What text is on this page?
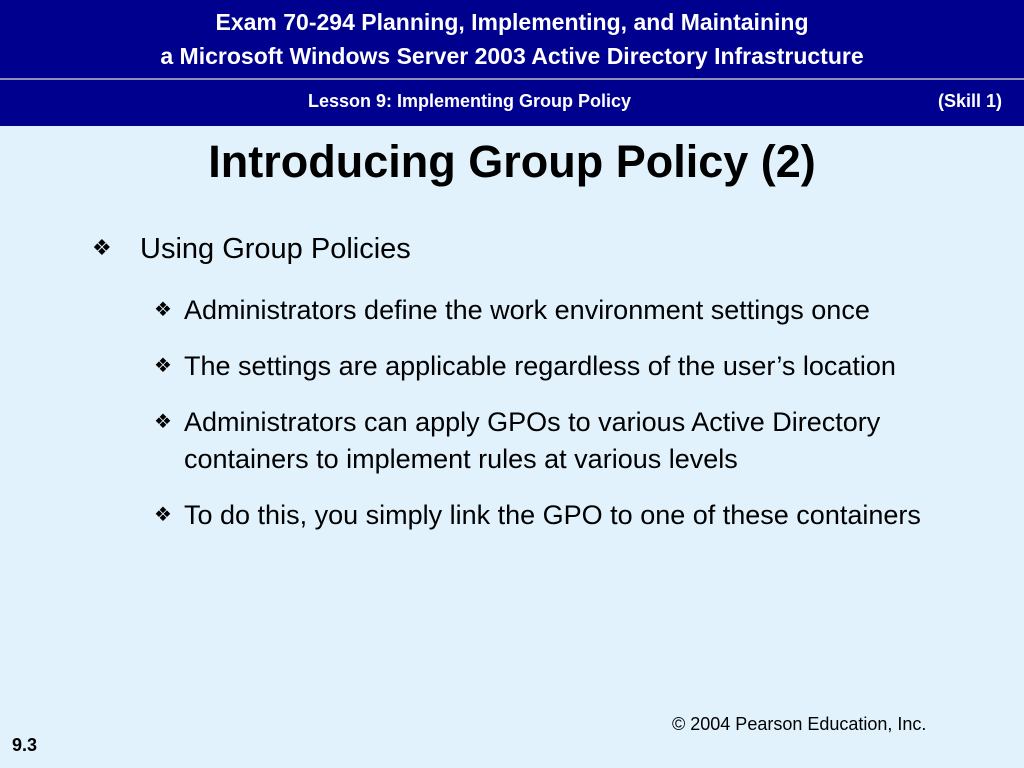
Exam 70-294 Planning, Implementing, and Maintaining
a Microsoft Windows Server 2003 Active Directory Infrastructure
Lesson 9: Implementing Group Policy	(Skill 1)
Introducing Group Policy (2)
❖ Using Group Policies
❖ Administrators define the work environment settings once
❖ The settings are applicable regardless of the user’s location
❖ Administrators can apply GPOs to various Active Directory containers to implement rules at various levels
❖ To do this, you simply link the GPO to one of these containers
© 2004 Pearson Education, Inc.
9.3
